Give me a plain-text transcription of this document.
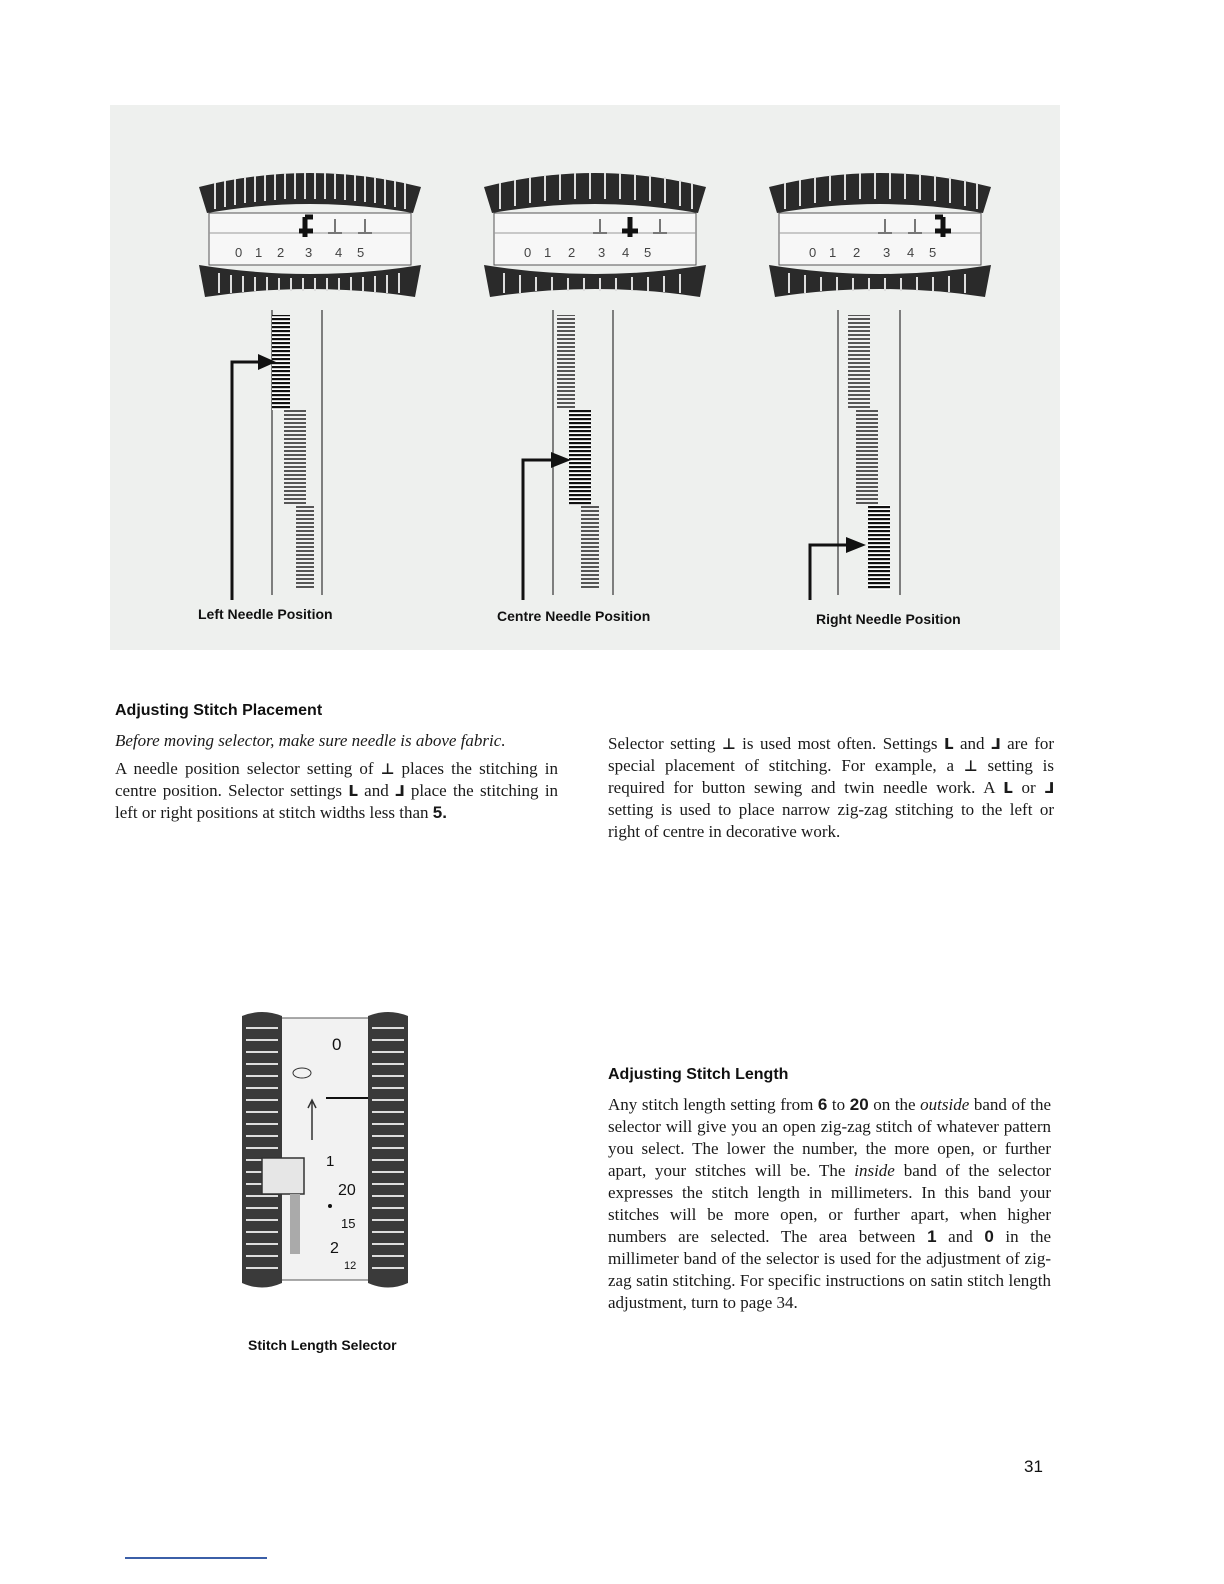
0 1 2 3 4 5	0 1 2 3 4 5	0 1 2 3 4 5
Left Needle Position	Centre Needle Position	Right Needle Position
Adjusting Stitch Placement

Before moving selector, make sure needle is above fabric.

A needle position selector setting of ⊥ places the stitching in centre position. Selector settings L and ⅃ place the stitching in left or right positions at stitch widths less than 5.

Selector setting ⊥ is used most often. Settings L and ⅃ are for special placement of stitching. For example, a ⊥ setting is required for button sewing and twin needle work. A L or ⅃ setting is used to place narrow zig-zag stitching to the left or right of centre in decorative work.

0
1
20
15
2
12
Stitch Length Selector
Adjusting Stitch Length

Any stitch length setting from 6 to 20 on the outside band of the selector will give you an open zig-zag stitch of whatever pattern you select. The lower the number, the more open, or further apart, your stitches will be. The inside band of the selector expresses the stitch length in millimeters. In this band your stitches will be more open, or further apart, when higher numbers are selected. The area between 1 and 0 in the millimeter band of the selector is used for the adjustment of zig-zag satin stitching. For specific instructions on satin stitch length adjustment, turn to page 34.

31
